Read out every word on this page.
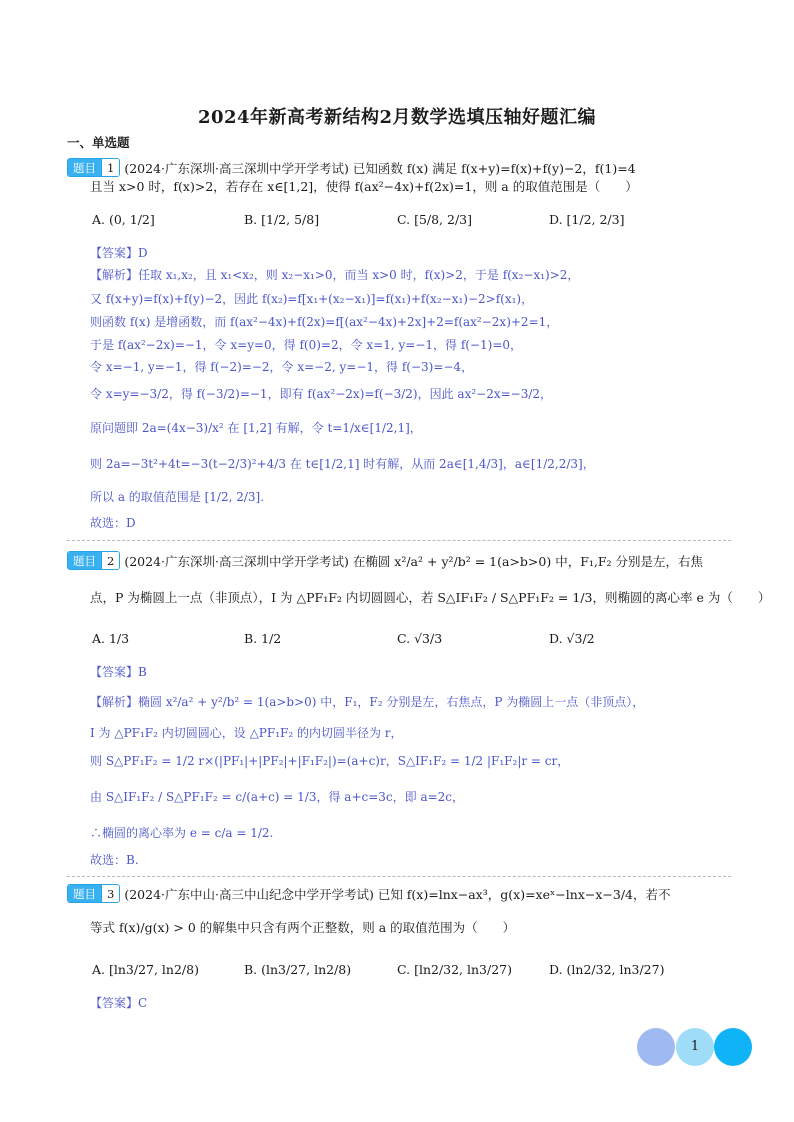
2024年新高考新结构2月数学选填压轴好题汇编
一、单选题
题目 1 (2024·广东深圳·高三深圳中学开学考试) 已知函数 f(x) 满足 f(x+y)=f(x)+f(y)−2，f(1)=4
且当 x>0 时，f(x)>2，若存在 x∈[1,2]，使得 f(ax²−4x)+f(2x)=1，则 a 的取值范围是（　　）
A. (0, 1/2]	B. [1/2, 5/8]	C. [5/8, 2/3]	D. [1/2, 2/3]
【答案】D
【解析】任取 x₁,x₂，且 x₁<x₂，则 x₂−x₁>0，而当 x>0 时，f(x)>2，于是 f(x₂−x₁)>2，
又 f(x+y)=f(x)+f(y)−2，因此 f(x₂)=f[x₁+(x₂−x₁)]=f(x₁)+f(x₂−x₁)−2>f(x₁)，
则函数 f(x) 是增函数，而 f(ax²−4x)+f(2x)=f[(ax²−4x)+2x]+2=f(ax²−2x)+2=1，
于是 f(ax²−2x)=−1，令 x=y=0，得 f(0)=2，令 x=1, y=−1，得 f(−1)=0，
令 x=−1, y=−1，得 f(−2)=−2，令 x=−2, y=−1，得 f(−3)=−4，
令 x=y=−3/2，得 f(−3/2)=−1，即有 f(ax²−2x)=f(−3/2)，因此 ax²−2x=−3/2，
原问题即 2a=(4x−3)/x² 在 [1,2] 有解，令 t=1/x∈[1/2,1]，
则 2a=−3t²+4t=−3(t−2/3)²+4/3 在 t∈[1/2,1] 时有解，从而 2a∈[1,4/3]，a∈[1/2,2/3]，
所以 a 的取值范围是 [1/2, 2/3].
故选：D
题目 2 (2024·广东深圳·高三深圳中学开学考试) 在椭圆 x²/a² + y²/b² = 1(a>b>0) 中，F₁,F₂ 分别是左，右焦
点，P 为椭圆上一点（非顶点），I 为 △PF₁F₂ 内切圆圆心，若 S△IF₁F₂ / S△PF₁F₂ = 1/3，则椭圆的离心率 e 为（　　）
A. 1/3	B. 1/2	C. √3/3	D. √3/2
【答案】B
【解析】椭圆 x²/a² + y²/b² = 1(a>b>0) 中，F₁，F₂ 分别是左，右焦点，P 为椭圆上一点（非顶点），
I 为 △PF₁F₂ 内切圆圆心，设 △PF₁F₂ 的内切圆半径为 r，
则 S△PF₁F₂ = 1/2 r×(|PF₁|+|PF₂|+|F₁F₂|)=(a+c)r，S△IF₁F₂ = 1/2 |F₁F₂|r = cr，
由 S△IF₁F₂ / S△PF₁F₂ = c/(a+c) = 1/3，得 a+c=3c，即 a=2c，
∴椭圆的离心率为 e = c/a = 1/2.
故选：B.
题目 3 (2024·广东中山·高三中山纪念中学开学考试) 已知 f(x)=lnx−ax³，g(x)=xeˣ−lnx−x−3/4，若不
等式 f(x)/g(x) > 0 的解集中只含有两个正整数，则 a 的取值范围为（　　）
A. [ln3/27, ln2/8)	B. (ln3/27, ln2/8)	C. [ln2/32, ln3/27)	D. (ln2/32, ln3/27)
【答案】C
1
